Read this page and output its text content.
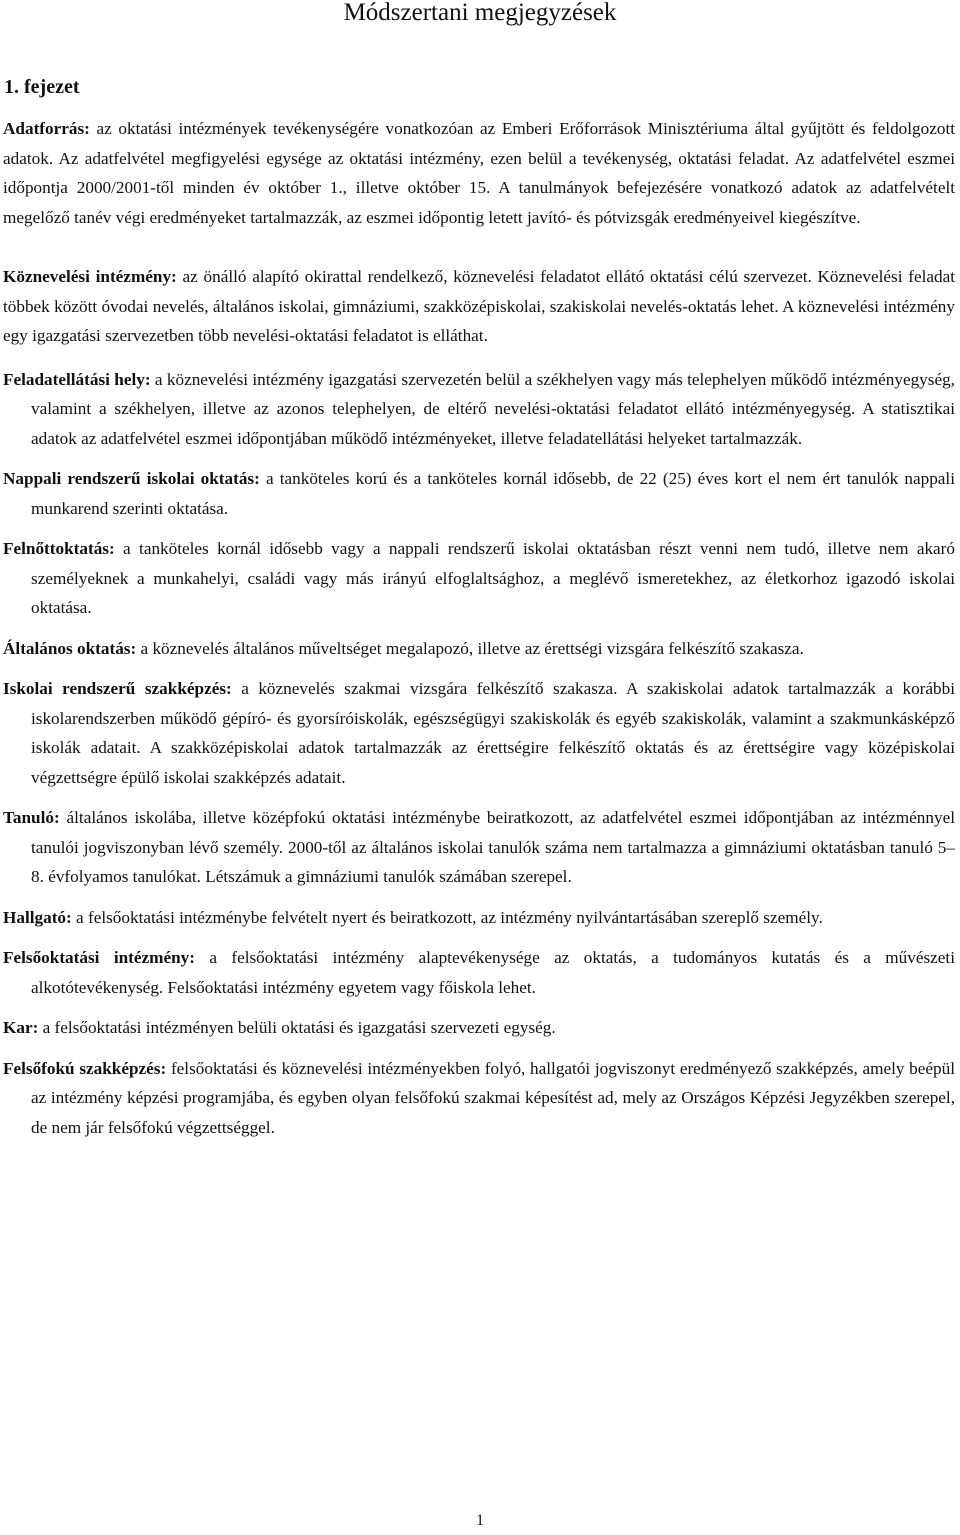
Módszertani megjegyzések
1. fejezet

Adatforrás: az oktatási intézmények tevékenységére vonatkozóan az Emberi Erőforrások Minisztériuma által gyűjtött és feldolgozott adatok. Az adatfelvétel megfigyelési egysége az oktatási intézmény, ezen belül a tevékenység, oktatási feladat. Az adatfelvétel eszmei időpontja 2000/2001-től minden év október 1., illetve október 15. A tanulmányok befejezésére vonatkozó adatok az adatfelvételt megelőző tanév végi eredményeket tartalmazzák, az eszmei időpontig letett javító- és pótvizsgák eredményeivel kiegészítve.

Köznevelési intézmény: az önálló alapító okirattal rendelkező, köznevelési feladatot ellátó oktatási célú szervezet. Köznevelési feladat többek között óvodai nevelés, általános iskolai, gimnáziumi, szakközépiskolai, szakiskolai nevelés-oktatás lehet. A köznevelési intézmény egy igazgatási szervezetben több nevelési-oktatási feladatot is elláthat.

Feladatellátási hely: a köznevelési intézmény igazgatási szervezetén belül a székhelyen vagy más telephelyen működő intézményegység, valamint a székhelyen, illetve az azonos telephelyen, de eltérő nevelési-oktatási feladatot ellátó intézményegység. A statisztikai adatok az adatfelvétel eszmei időpontjában működő intézményeket, illetve feladatellátási helyeket tartalmazzák.

Nappali rendszerű iskolai oktatás: a tanköteles korú és a tanköteles kornál idősebb, de 22 (25) éves kort el nem ért tanulók nappali munkarend szerinti oktatása.

Felnőttoktatás: a tanköteles kornál idősebb vagy a nappali rendszerű iskolai oktatásban részt venni nem tudó, illetve nem akaró személyeknek a munkahelyi, családi vagy más irányú elfoglaltsághoz, a meglévő ismeretekhez, az életkorhoz igazodó iskolai oktatása.

Általános oktatás: a köznevelés általános műveltséget megalapozó, illetve az érettségi vizsgára felkészítő szakasza.

Iskolai rendszerű szakképzés: a köznevelés szakmai vizsgára felkészítő szakasza. A szakiskolai adatok tartalmazzák a korábbi iskolarendszerben működő gépíró- és gyorsíróiskolák, egészségügyi szakiskolák és egyéb szakiskolák, valamint a szakmunkásképző iskolák adatait. A szakközépiskolai adatok tartalmazzák az érettségire felkészítő oktatás és az érettségire vagy középiskolai végzettségre épülő iskolai szakképzés adatait.

Tanuló: általános iskolába, illetve középfokú oktatási intézménybe beiratkozott, az adatfelvétel eszmei időpontjában az intézménnyel tanulói jogviszonyban lévő személy. 2000-től az általános iskolai tanulók száma nem tartalmazza a gimnáziumi oktatásban tanuló 5–8. évfolyamos tanulókat. Létszámuk a gimnáziumi tanulók számában szerepel.

Hallgató: a felsőoktatási intézménybe felvételt nyert és beiratkozott, az intézmény nyilvántartásában szereplő személy.

Felsőoktatási intézmény: a felsőoktatási intézmény alaptevékenysége az oktatás, a tudományos kutatás és a művészeti alkotótevékenység. Felsőoktatási intézmény egyetem vagy főiskola lehet.

Kar: a felsőoktatási intézményen belüli oktatási és igazgatási szervezeti egység.

Felsőfokú szakképzés: felsőoktatási és köznevelési intézményekben folyó, hallgatói jogviszonyt eredményező szakképzés, amely beépül az intézmény képzési programjába, és egyben olyan felsőfokú szakmai képesítést ad, mely az Országos Képzési Jegyzékben szerepel, de nem jár felsőfokú végzettséggel.

1
